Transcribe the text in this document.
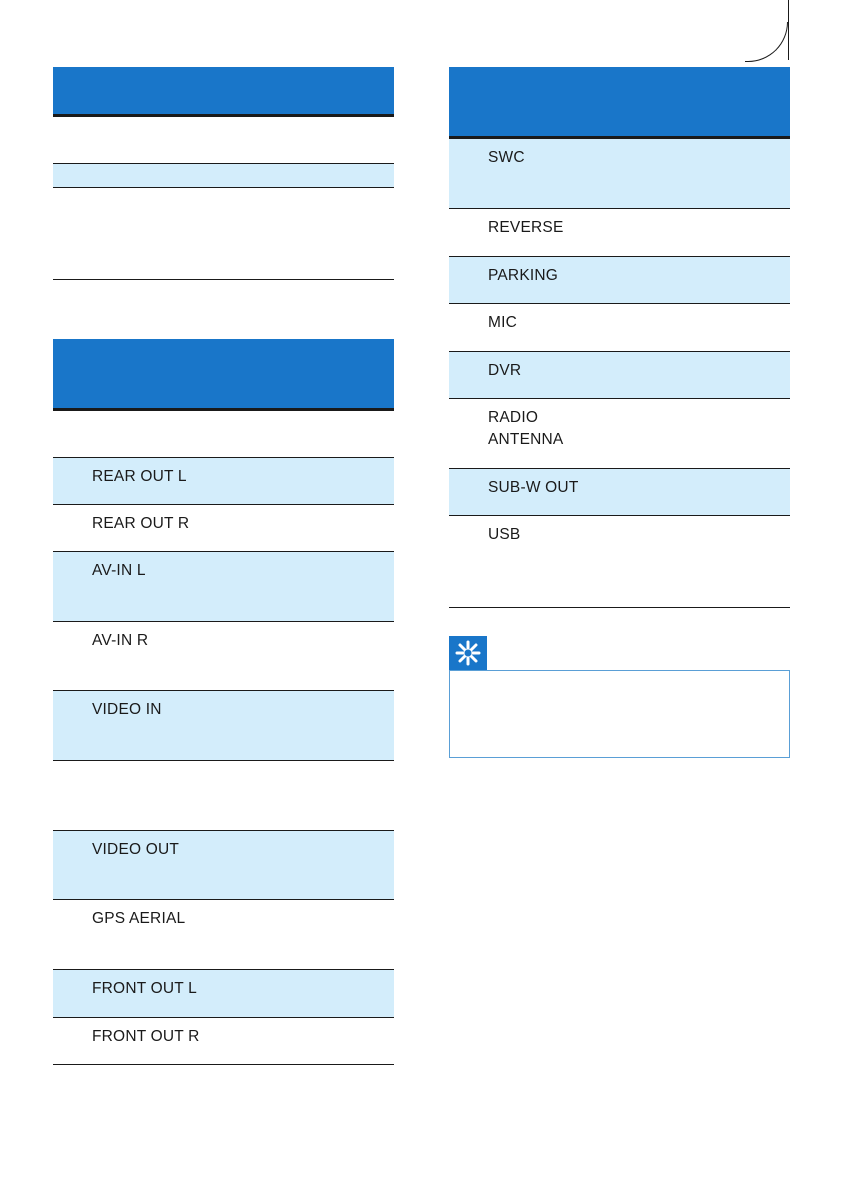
REAR OUT L
REAR OUT R
AV-IN L
AV-IN R
VIDEO IN
VIDEO OUT
GPS AERIAL
FRONT OUT L
FRONT OUT R
SWC
REVERSE
PARKING
MIC
DVR
RADIO
ANTENNA
SUB-W OUT
USB
